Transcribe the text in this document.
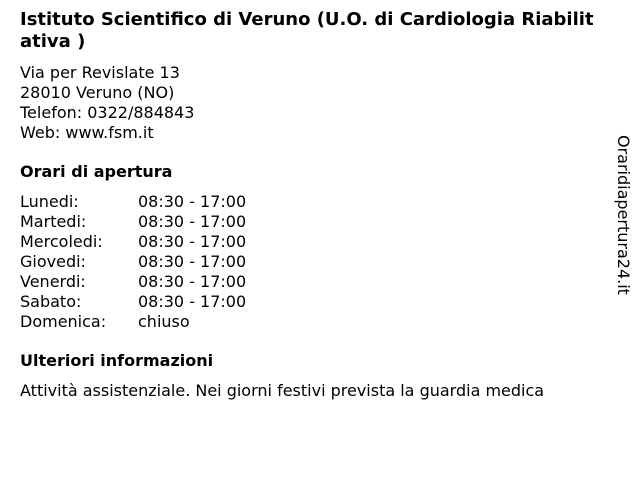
Istituto Scientifico di Veruno (U.O. di Cardiologia Riabilitativa )
Via per Revislate 13
28010 Veruno (NO)
Telefon: 0322/884843
Web: www.fsm.it
Orari di apertura
Lunedi:	08:30 - 17:00
Martedi:	08:30 - 17:00
Mercoledi: 08:30 - 17:00
Giovedi:	08:30 - 17:00
Venerdi:	08:30 - 17:00
Sabato:	08:30 - 17:00
Domenica: chiuso
Ulteriori informazioni
Attività assistenziale. Nei giorni festivi prevista la guardia medica
Oraridiapertura24.it
